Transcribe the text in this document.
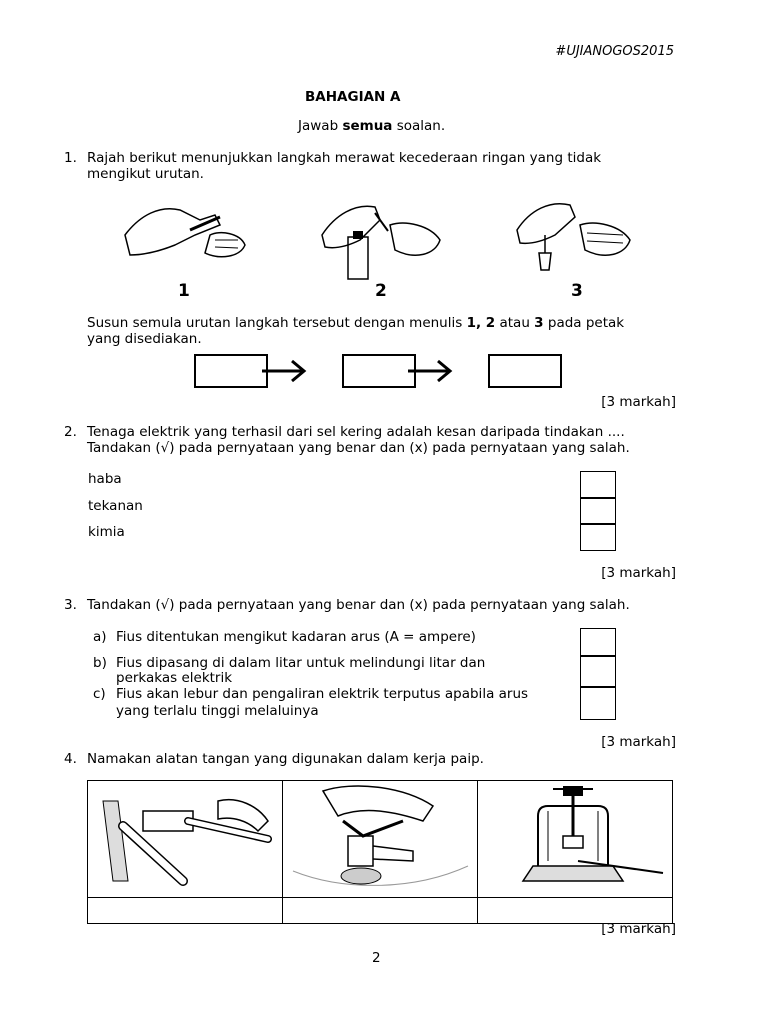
#UJIANOGOS2015
BAHAGIAN A
Jawab semua soalan.
1. Rajah berikut menunjukkan langkah merawat kecederaan ringan yang tidak
mengikut urutan.
1	2	3
Susun semula urutan langkah tersebut dengan menulis 1, 2 atau 3 pada petak
yang disediakan.
[3 markah]
2. Tenaga elektrik yang terhasil dari sel kering adalah kesan daripada tindakan ....
Tandakan (√) pada pernyataan yang benar dan (x) pada pernyataan yang salah.
haba
tekanan
kimia
[3 markah]
3. Tandakan (√) pada pernyataan yang benar dan (x) pada pernyataan yang salah.
a) Fius ditentukan mengikut kadaran arus (A = ampere)
b) Fius dipasang di dalam litar untuk melindungi litar dan
perkakas elektrik
c) Fius akan lebur dan pengaliran elektrik terputus apabila arus
yang terlalu tinggi melaluinya
[3 markah]
4. Namakan alatan tangan yang digunakan dalam kerja paip.

[3 markah]
2
